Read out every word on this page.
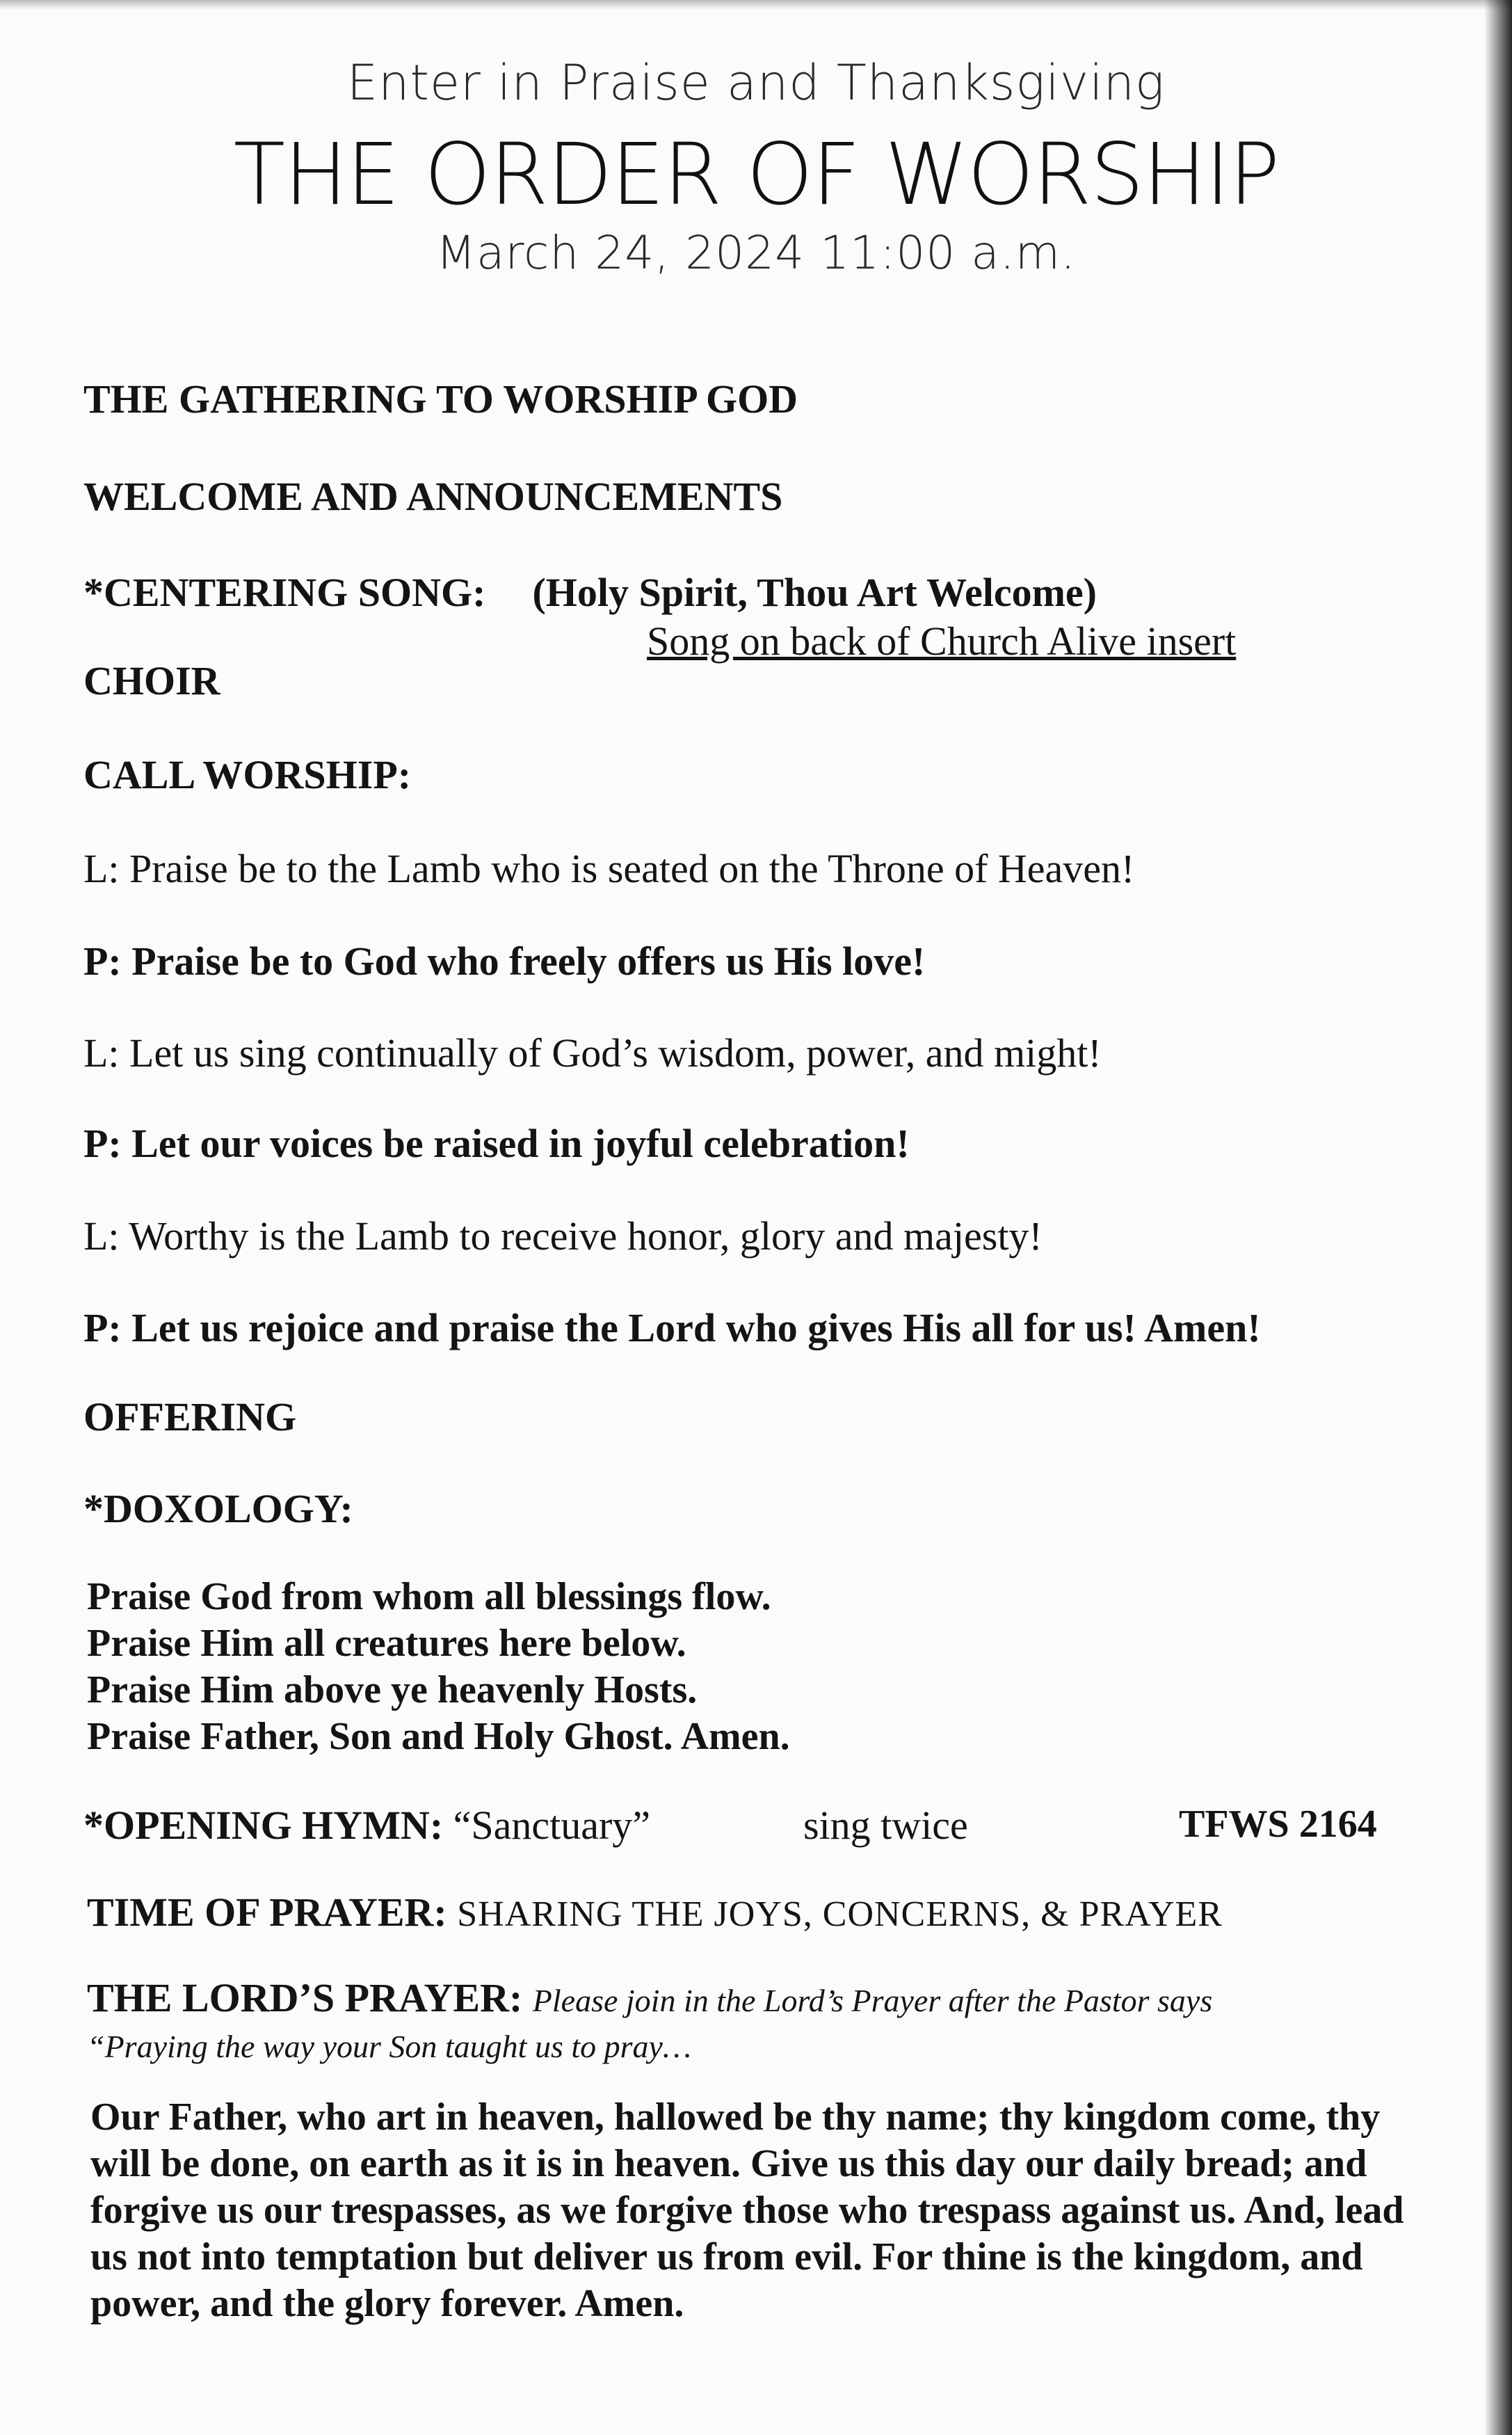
Enter in Praise and Thanksgiving
THE ORDER OF WORSHIP
March 24, 2024 11:00 a.m.
THE GATHERING TO WORSHIP GOD
WELCOME AND ANNOUNCEMENTS
*CENTERING SONG: (Holy Spirit, Thou Art Welcome)
Song on back of Church Alive insert
CHOIR
CALL WORSHIP:
L: Praise be to the Lamb who is seated on the Throne of Heaven!
P: Praise be to God who freely offers us His love!
L: Let us sing continually of God’s wisdom, power, and might!
P: Let our voices be raised in joyful celebration!
L: Worthy is the Lamb to receive honor, glory and majesty!
P: Let us rejoice and praise the Lord who gives His all for us! Amen!
OFFERING
*DOXOLOGY:
Praise God from whom all blessings flow.
Praise Him all creatures here below.
Praise Him above ye heavenly Hosts.
Praise Father, Son and Holy Ghost. Amen.
*OPENING HYMN: “Sanctuary”	sing twice	TFWS 2164
TIME OF PRAYER: SHARING THE JOYS, CONCERNS, & PRAYER
THE LORD’S PRAYER: Please join in the Lord’s Prayer after the Pastor says
“Praying the way your Son taught us to pray…
Our Father, who art in heaven, hallowed be thy name; thy kingdom come, thy will be done, on earth as it is in heaven. Give us this day our daily bread; and forgive us our trespasses, as we forgive those who trespass against us. And, lead us not into temptation but deliver us from evil. For thine is the kingdom, and power, and the glory forever. Amen.
